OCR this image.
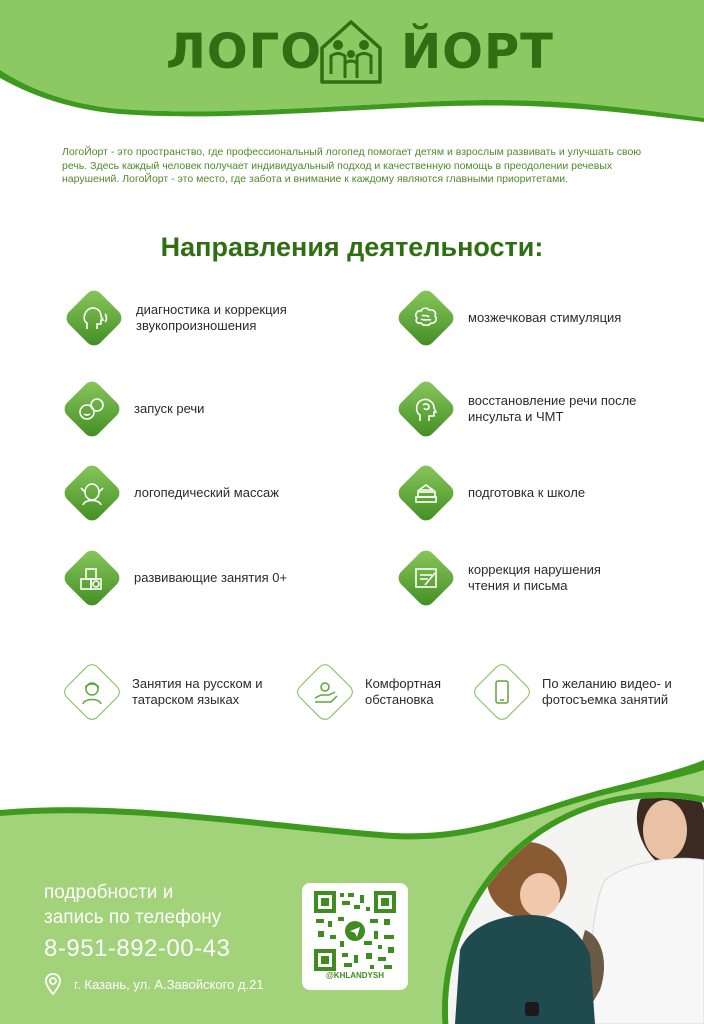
ЛОГО ЙОРТ
ЛогоЙорт - это пространство, где профессиональный логопед помогает детям и взрослым развивать и улучшать свою речь. Здесь каждый человек получает индивидуальный подход и качественную помощь в преодолении речевых нарушений. ЛогоЙорт - это место, где забота и внимание к каждому являются главными приоритетами.
Направления деятельности:
диагностика и коррекция звукопроизношения
мозжечковая стимуляция
запуск речи
восстановление речи после инсульта и ЧМТ
логопедический массаж	подготовка к школе
развивающие занятия 0+
коррекция нарушения чтения и письма
Занятия на русском и татарском языках
Комфортная обстановка
По желанию видео- и фотосъемка занятий
подробности и
запись по телефону
8-951-892-00-43
г. Казань, ул. А.Завойского д.21
@KHLANDYSH
